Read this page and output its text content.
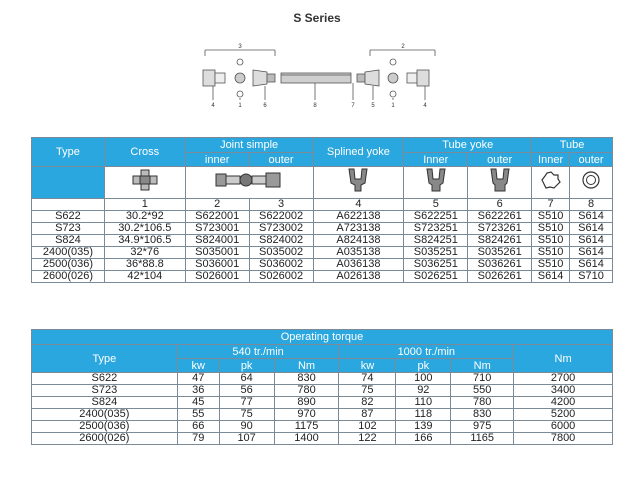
S Series
3	2
4	1	6	8	7	5	1	4
Type	Cross	Joint simple		Splined yoke	Tube yoke		Tube	
		inner	outer		Inner	outer	Inner	outer

	1	2	3	4	5	6	7	8
S622	30.2*92	S622001	S622002	A622138	S622251	S622261	S510	S614
S723	30.2*106.5	S723001	S723002	A723138	S723251	S723261	S510	S614
S824	34.9*106.5	S824001	S824002	A824138	S824251	S824261	S510	S614
2400(035)	32*76	S035001	S035002	A035138	S035251	S035261	S510	S614
2500(036)	36*88.8	S036001	S036002	A036138	S036251	S036261	S510	S614
2600(026)	42*104	S026001	S026002	A026138	S026251	S026261	S614	S710
Operating torque							
Type	540 tr./min			1000 tr./min			Nm
	kw	pk	Nm	kw	pk	Nm	
S622	47	64	830	74	100	710	2700
S723	36	56	780	75	92	550	3400
S824	45	77	890	82	110	780	4200
2400(035)	55	75	970	87	118	830	5200
2500(036)	66	90	1175	102	139	975	6000
2600(026)	79	107	1400	122	166	1165	7800
